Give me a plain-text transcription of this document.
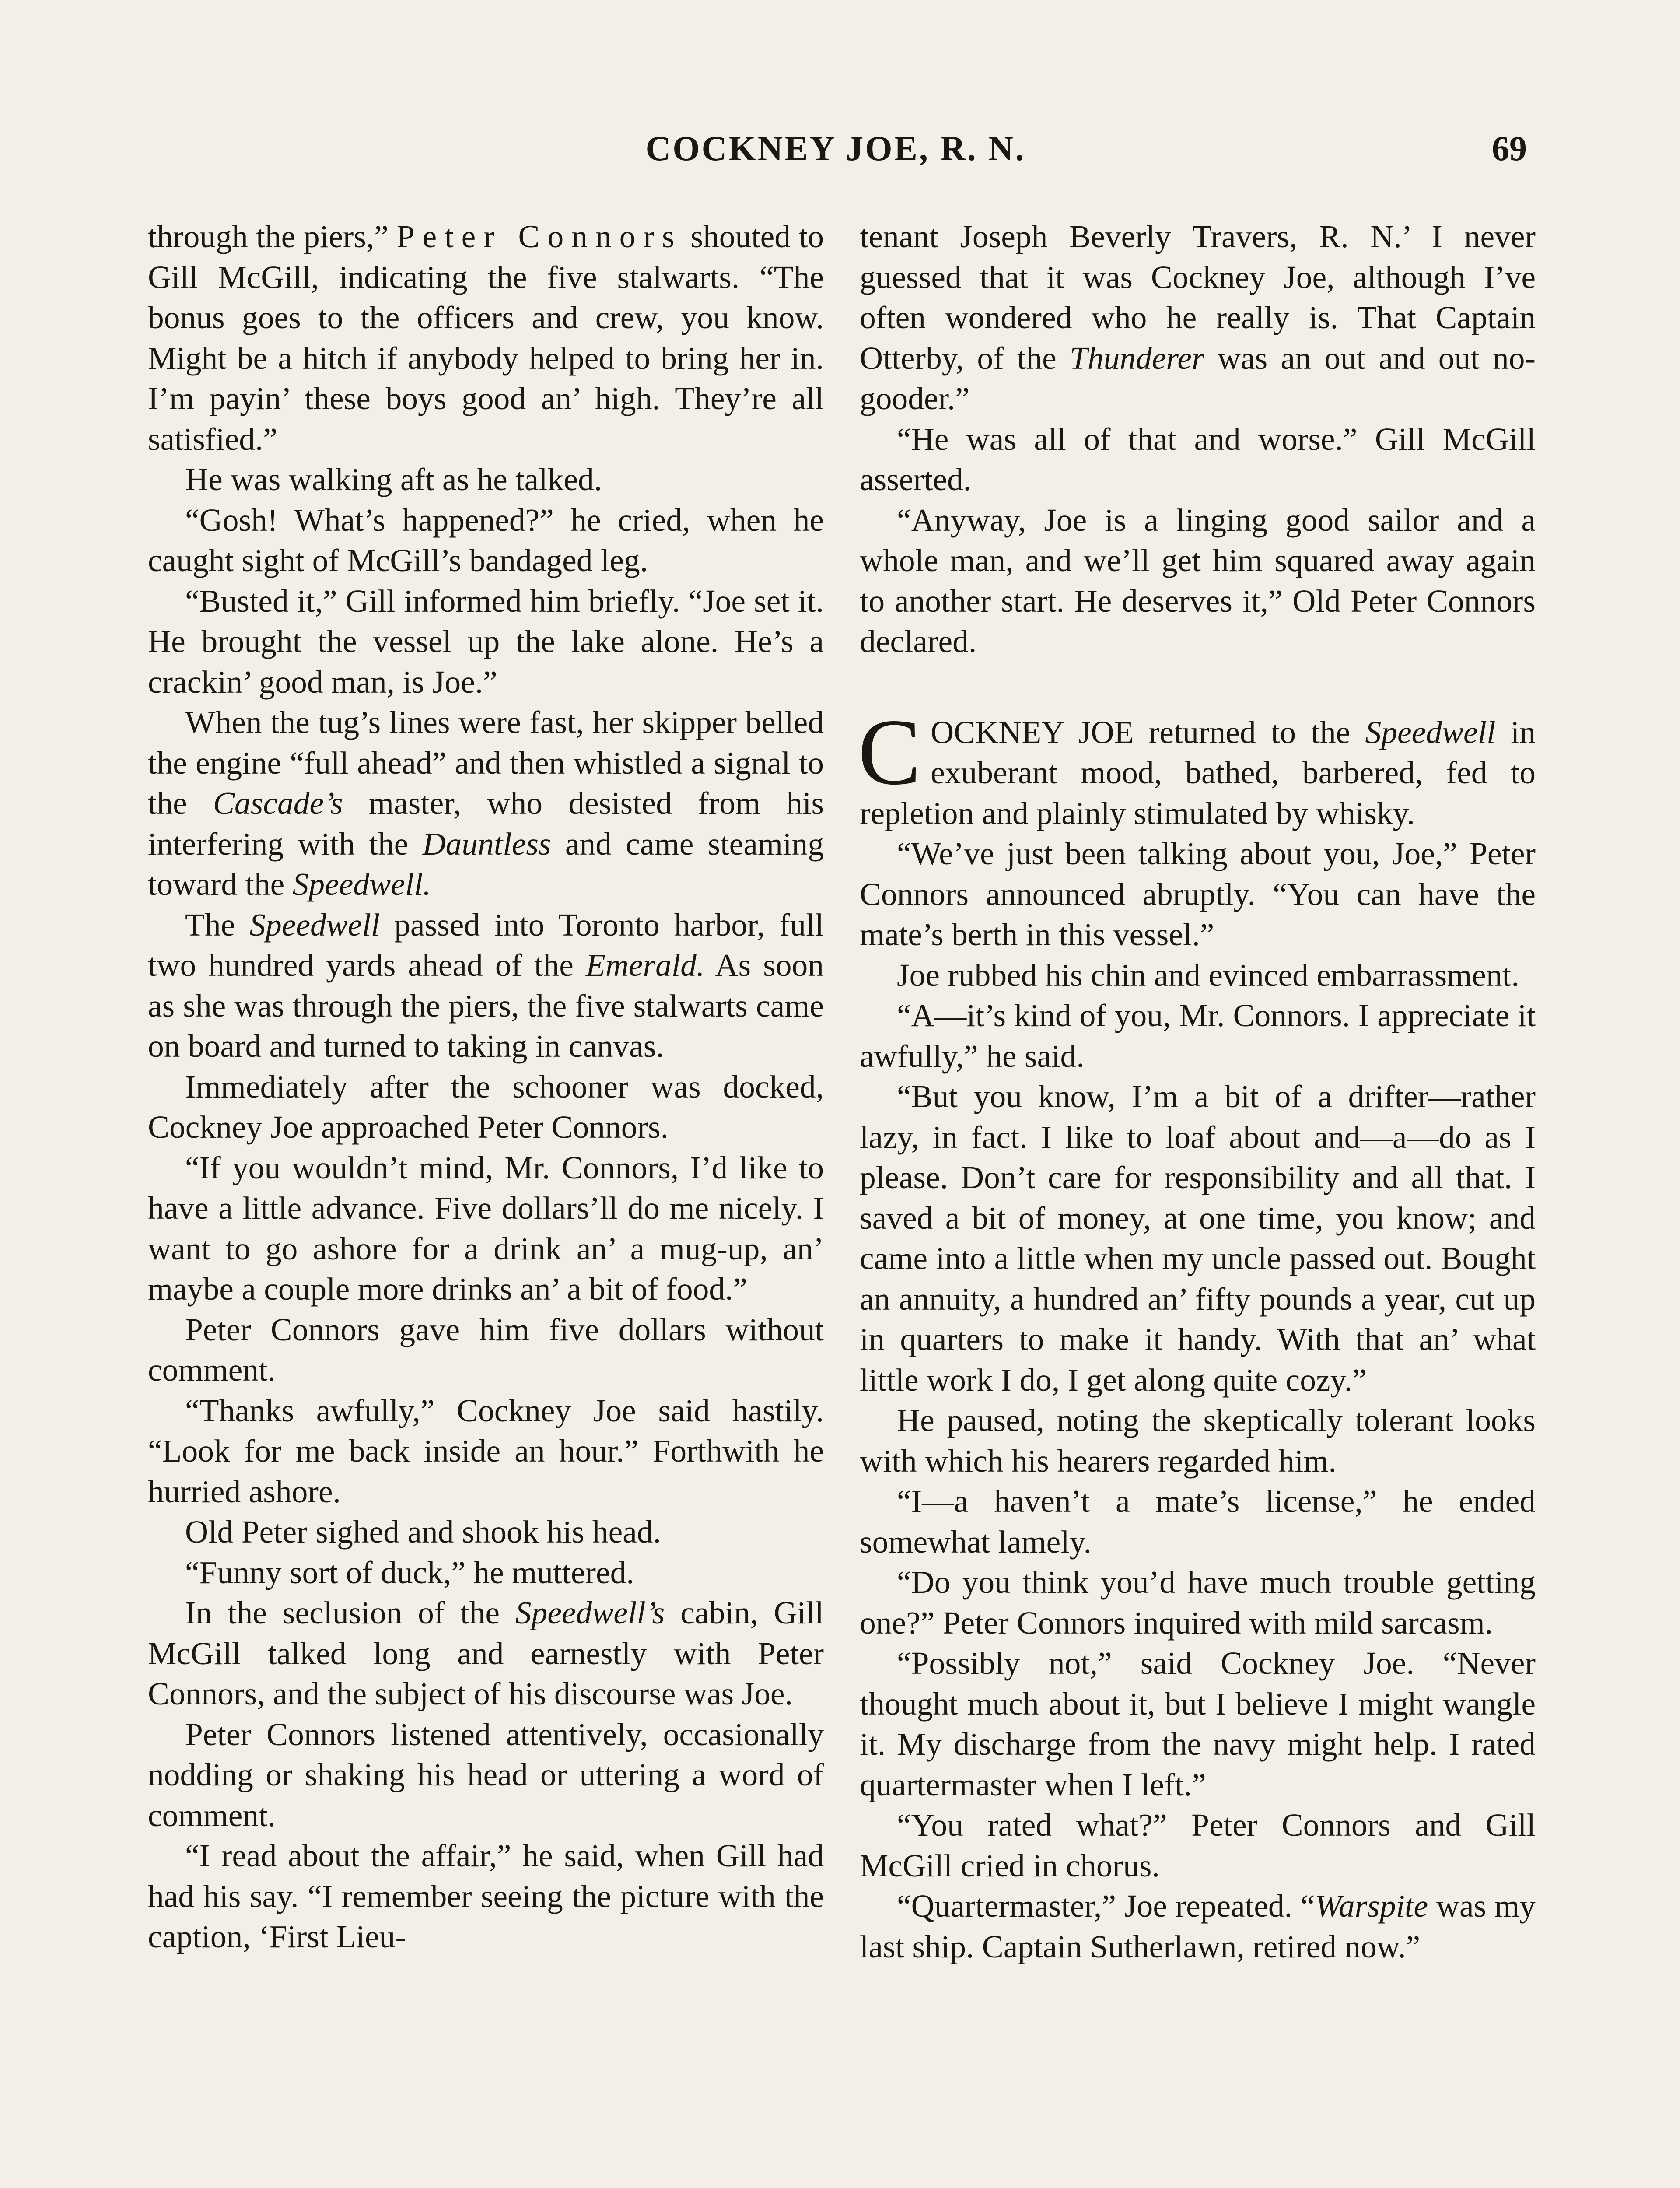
COCKNEY JOE, R. N.	69

through the piers,” Peter Connors shouted to Gill McGill, indicating the five stalwarts. “The bonus goes to the officers and crew, you know. Might be a hitch if anybody helped to bring her in. I’m payin’ these boys good an’ high. They’re all satisfied.”

He was walking aft as he talked.

“Gosh! What’s happened?” he cried, when he caught sight of McGill’s bandaged leg.

“Busted it,” Gill informed him briefly. “Joe set it. He brought the vessel up the lake alone. He’s a crackin’ good man, is Joe.”

When the tug’s lines were fast, her skipper belled the engine “full ahead” and then whistled a signal to the Cascade’s master, who desisted from his interfering with the Dauntless and came steaming toward the Speedwell.

The Speedwell passed into Toronto harbor, full two hundred yards ahead of the Emerald. As soon as she was through the piers, the five stalwarts came on board and turned to taking in canvas.

Immediately after the schooner was docked, Cockney Joe approached Peter Connors.

“If you wouldn’t mind, Mr. Connors, I’d like to have a little advance. Five dollars’ll do me nicely. I want to go ashore for a drink an’ a mug-up, an’ maybe a couple more drinks an’ a bit of food.”

Peter Connors gave him five dollars without comment.

“Thanks awfully,” Cockney Joe said hastily. “Look for me back inside an hour.” Forthwith he hurried ashore.

Old Peter sighed and shook his head.

“Funny sort of duck,” he muttered.

In the seclusion of the Speedwell’s cabin, Gill McGill talked long and earnestly with Peter Connors, and the subject of his discourse was Joe.

Peter Connors listened attentively, occasionally nodding or shaking his head or uttering a word of comment.

“I read about the affair,” he said, when Gill had had his say. “I remember seeing the picture with the caption, ‘First Lieu-

tenant Joseph Beverly Travers, R. N.’ I never guessed that it was Cockney Joe, although I’ve often wondered who he really is. That Captain Otterby, of the Thunderer was an out and out no-gooder.”

“He was all of that and worse.” Gill McGill asserted.

“Anyway, Joe is a linging good sailor and a whole man, and we’ll get him squared away again to another start. He deserves it,” Old Peter Connors declared.

COCKNEY JOE returned to the Speedwell in exuberant mood, bathed, barbered, fed to repletion and plainly stimulated by whisky.

“We’ve just been talking about you, Joe,” Peter Connors announced abruptly. “You can have the mate’s berth in this vessel.”

Joe rubbed his chin and evinced embarrassment.

“A—it’s kind of you, Mr. Connors. I appreciate it awfully,” he said.

“But you know, I’m a bit of a drifter—rather lazy, in fact. I like to loaf about and—a—do as I please. Don’t care for responsibility and all that. I saved a bit of money, at one time, you know; and came into a little when my uncle passed out. Bought an annuity, a hundred an’ fifty pounds a year, cut up in quarters to make it handy. With that an’ what little work I do, I get along quite cozy.”

He paused, noting the skeptically tolerant looks with which his hearers regarded him.

“I—a haven’t a mate’s license,” he ended somewhat lamely.

“Do you think you’d have much trouble getting one?” Peter Connors inquired with mild sarcasm.

“Possibly not,” said Cockney Joe. “Never thought much about it, but I believe I might wangle it. My discharge from the navy might help. I rated quartermaster when I left.”

“You rated what?” Peter Connors and Gill McGill cried in chorus.

“Quartermaster,” Joe repeated. “Warspite was my last ship. Captain Sutherlawn, retired now.”
